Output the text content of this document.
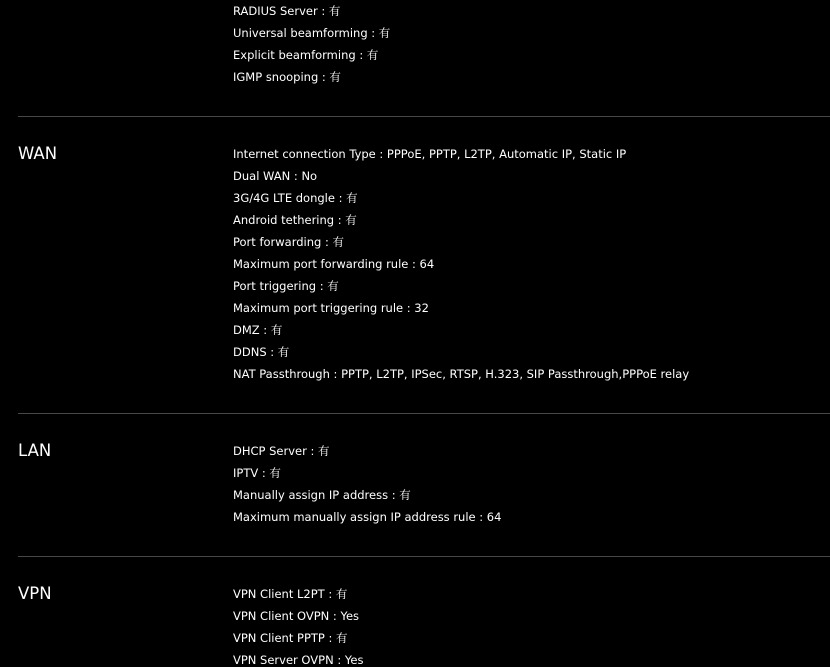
RADIUS Server : 有
Universal beamforming : 有
Explicit beamforming : 有
IGMP snooping : 有
WAN	Internet connection Type : PPPoE, PPTP, L2TP, Automatic IP, Static IP
Dual WAN : No
3G/4G LTE dongle : 有
Android tethering : 有
Port forwarding : 有
Maximum port forwarding rule : 64
Port triggering : 有
Maximum port triggering rule : 32
DMZ : 有
DDNS : 有
NAT Passthrough : PPTP, L2TP, IPSec, RTSP, H.323, SIP Passthrough,PPPoE relay
LAN	DHCP Server : 有
IPTV : 有
Manually assign IP address : 有
Maximum manually assign IP address rule : 64
VPN	VPN Client L2PT : 有
VPN Client OVPN : Yes
VPN Client PPTP : 有
VPN Server OVPN : Yes
